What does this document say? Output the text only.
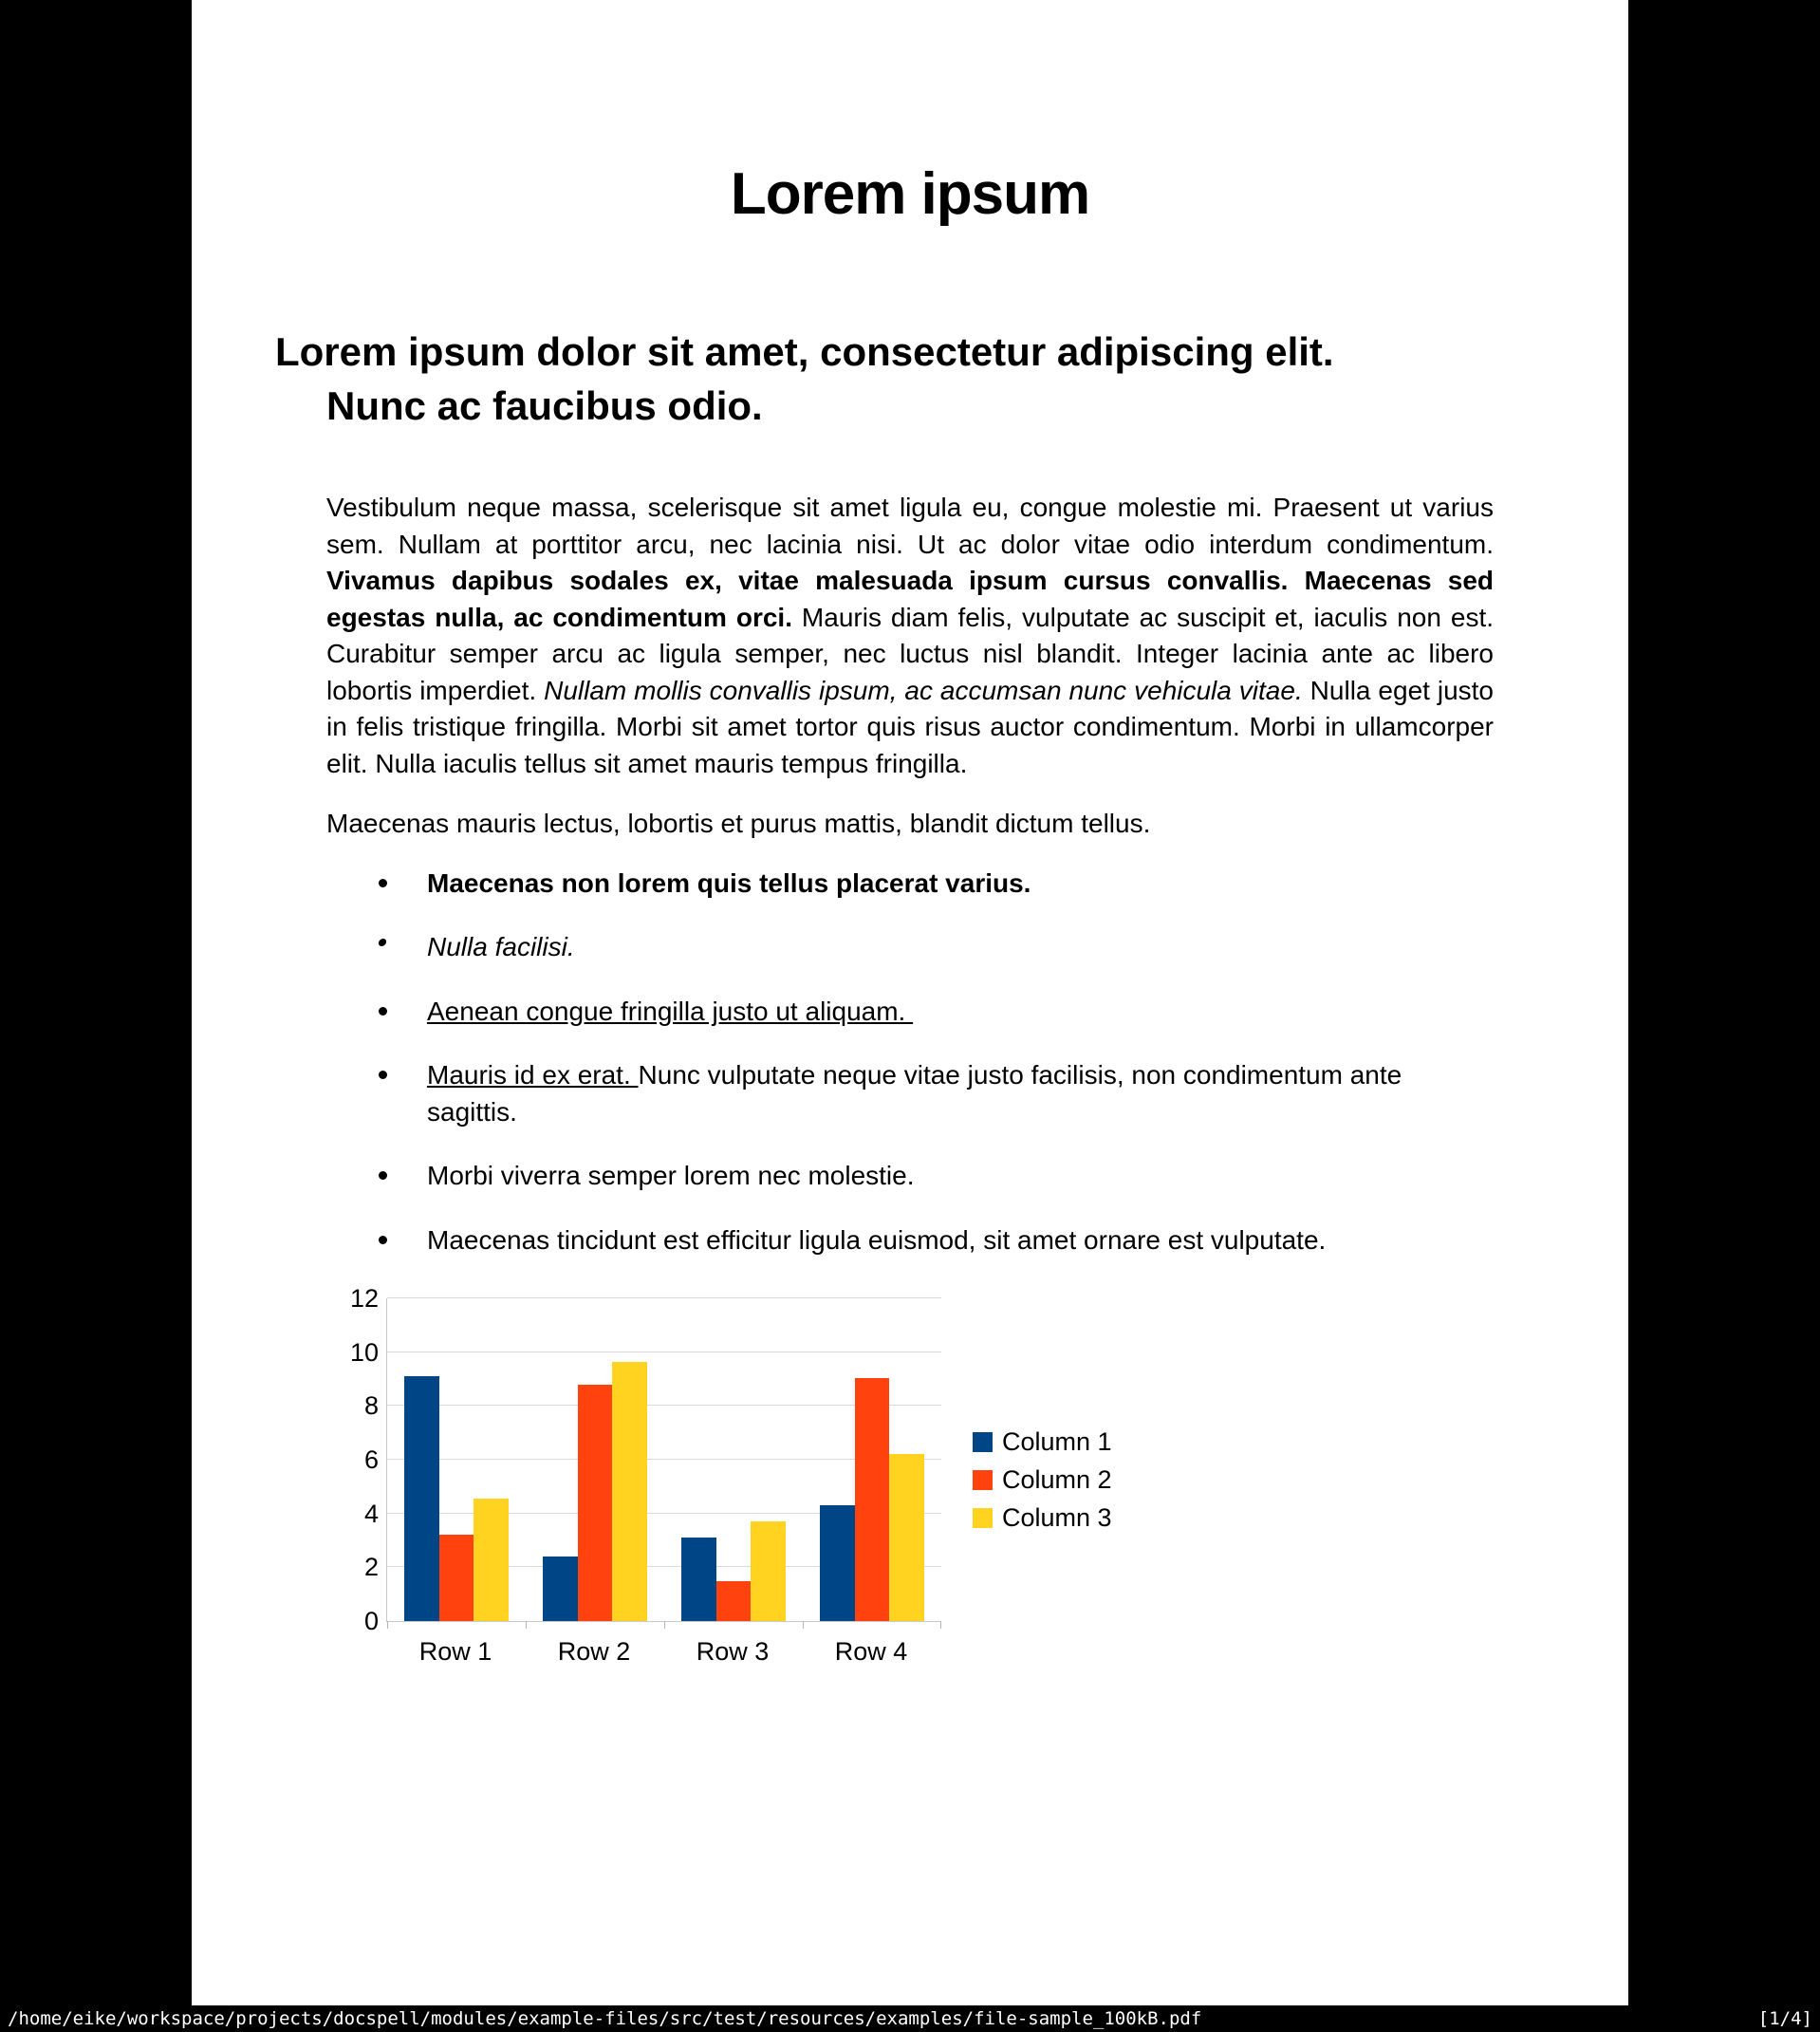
Lorem ipsum
Lorem ipsum dolor sit amet, consectetur adipiscing elit.
Nunc ac faucibus odio.

Vestibulum neque massa, scelerisque sit amet ligula eu, congue molestie mi. Praesent ut varius sem. Nullam at porttitor arcu, nec lacinia nisi. Ut ac dolor vitae odio interdum condimentum. Vivamus dapibus sodales ex, vitae malesuada ipsum cursus convallis. Maecenas sed egestas nulla, ac condimentum orci. Mauris diam felis, vulputate ac suscipit et, iaculis non est. Curabitur semper arcu ac ligula semper, nec luctus nisl blandit. Integer lacinia ante ac libero lobortis imperdiet. Nullam mollis convallis ipsum, ac accumsan nunc vehicula vitae. Nulla eget justo in felis tristique fringilla. Morbi sit amet tortor quis risus auctor condimentum. Morbi in ullamcorper elit. Nulla iaculis tellus sit amet mauris tempus fringilla.

Maecenas mauris lectus, lobortis et purus mattis, blandit dictum tellus.

Maecenas non lorem quis tellus placerat varius.
Nulla facilisi.
Aenean congue fringilla justo ut aliquam.
Mauris id ex erat. Nunc vulputate neque vitae justo facilisis, non condimentum ante sagittis.
Morbi viverra semper lorem nec molestie.
Maecenas tincidunt est efficitur ligula euismod, sit amet ornare est vulputate.
Column 1
Column 2
Column 3
0
2
4
6
8
10
12
Row 1	Row 2	Row 3	Row 4
/home/eike/workspace/projects/docspell/modules/example-files/src/test/resources/examples/file-sample_100kB.pdf	[1/4]
